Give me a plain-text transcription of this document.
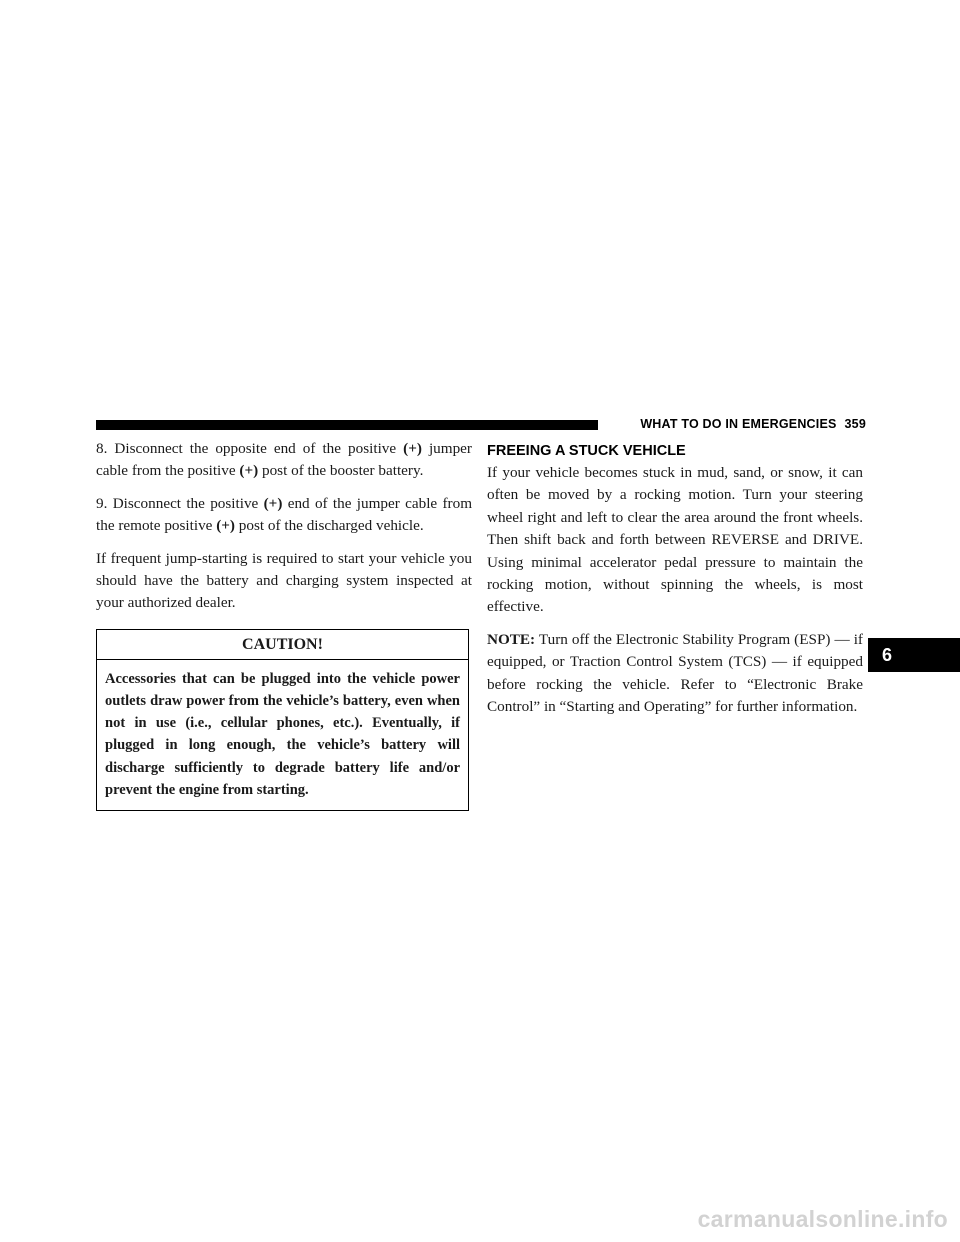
WHAT TO DO IN EMERGENCIES 359

8. Disconnect the opposite end of the positive (+) jumper cable from the positive (+) post of the booster battery.

9. Disconnect the positive (+) end of the jumper cable from the remote positive (+) post of the discharged vehicle.

If frequent jump-starting is required to start your vehicle you should have the battery and charging system inspected at your authorized dealer.

CAUTION!
Accessories that can be plugged into the vehicle power outlets draw power from the vehicle’s battery, even when not in use (i.e., cellular phones, etc.). Eventually, if plugged in long enough, the vehicle’s battery will discharge sufficiently to degrade battery life and/or prevent the engine from starting.
FREEING A STUCK VEHICLE

If your vehicle becomes stuck in mud, sand, or snow, it can often be moved by a rocking motion. Turn your steering wheel right and left to clear the area around the front wheels. Then shift back and forth between REVERSE and DRIVE. Using minimal accelerator pedal pressure to maintain the rocking motion, without spinning the wheels, is most effective.

NOTE: Turn off the Electronic Stability Program (ESP) — if equipped, or Traction Control System (TCS) — if equipped before rocking the vehicle. Refer to “Electronic Brake Control” in “Starting and Operating” for further information.

6
carmanualsonline.info
